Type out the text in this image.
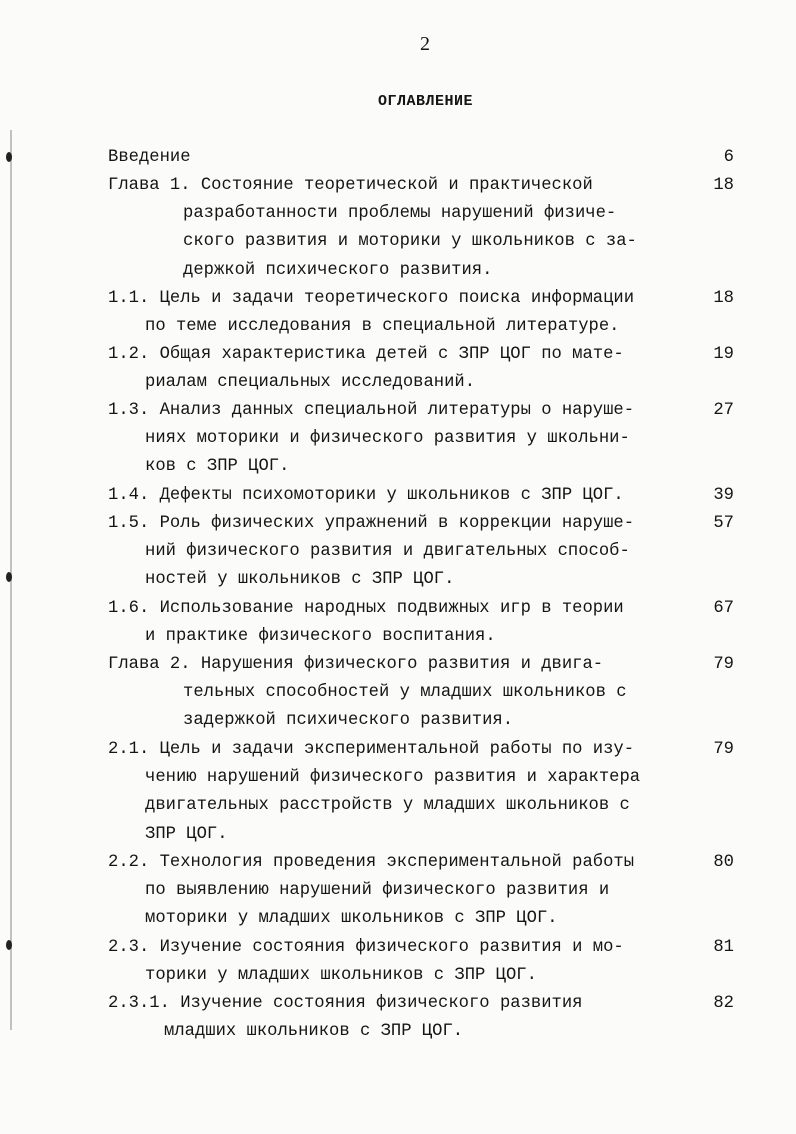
2
ОГЛАВЛЕНИЕ
Введение	6
Глава 1. Состояние теоретической и практической
разработанности проблемы нарушений физиче-
ского развития и моторики у школьников с за-
держкой психического развития.
18
1.1. Цель и задачи теоретического поиска информации
по теме исследования в специальной литературе.
18
1.2. Общая характеристика детей с ЗПР ЦОГ по мате-
риалам специальных исследований.
19
1.3. Анализ данных специальной литературы о наруше-
ниях моторики и физического развития у школьни-
ков с ЗПР ЦОГ.
27
1.4. Дефекты психомоторики у школьников с ЗПР ЦОГ.	39
1.5. Роль физических упражнений в коррекции наруше-
ний физического развития и двигательных способ-
ностей у школьников с ЗПР ЦОГ.
57
1.6. Использование народных подвижных игр в теории
и практике физического воспитания.
67
Глава 2. Нарушения физического развития и двига-
тельных способностей у младших школьников с
задержкой психического развития.
79
2.1. Цель и задачи экспериментальной работы по изу-
чению нарушений физического развития и характера
двигательных расстройств у младших школьников с
ЗПР ЦОГ.
79
2.2. Технология проведения экспериментальной работы
по выявлению нарушений физического развития и
моторики у младших школьников с ЗПР ЦОГ.
80
2.3. Изучение состояния физического развития и мо-
торики у младших школьников с ЗПР ЦОГ.
81
2.3.1. Изучение состояния физического развития
младших школьников с ЗПР ЦОГ.
82
